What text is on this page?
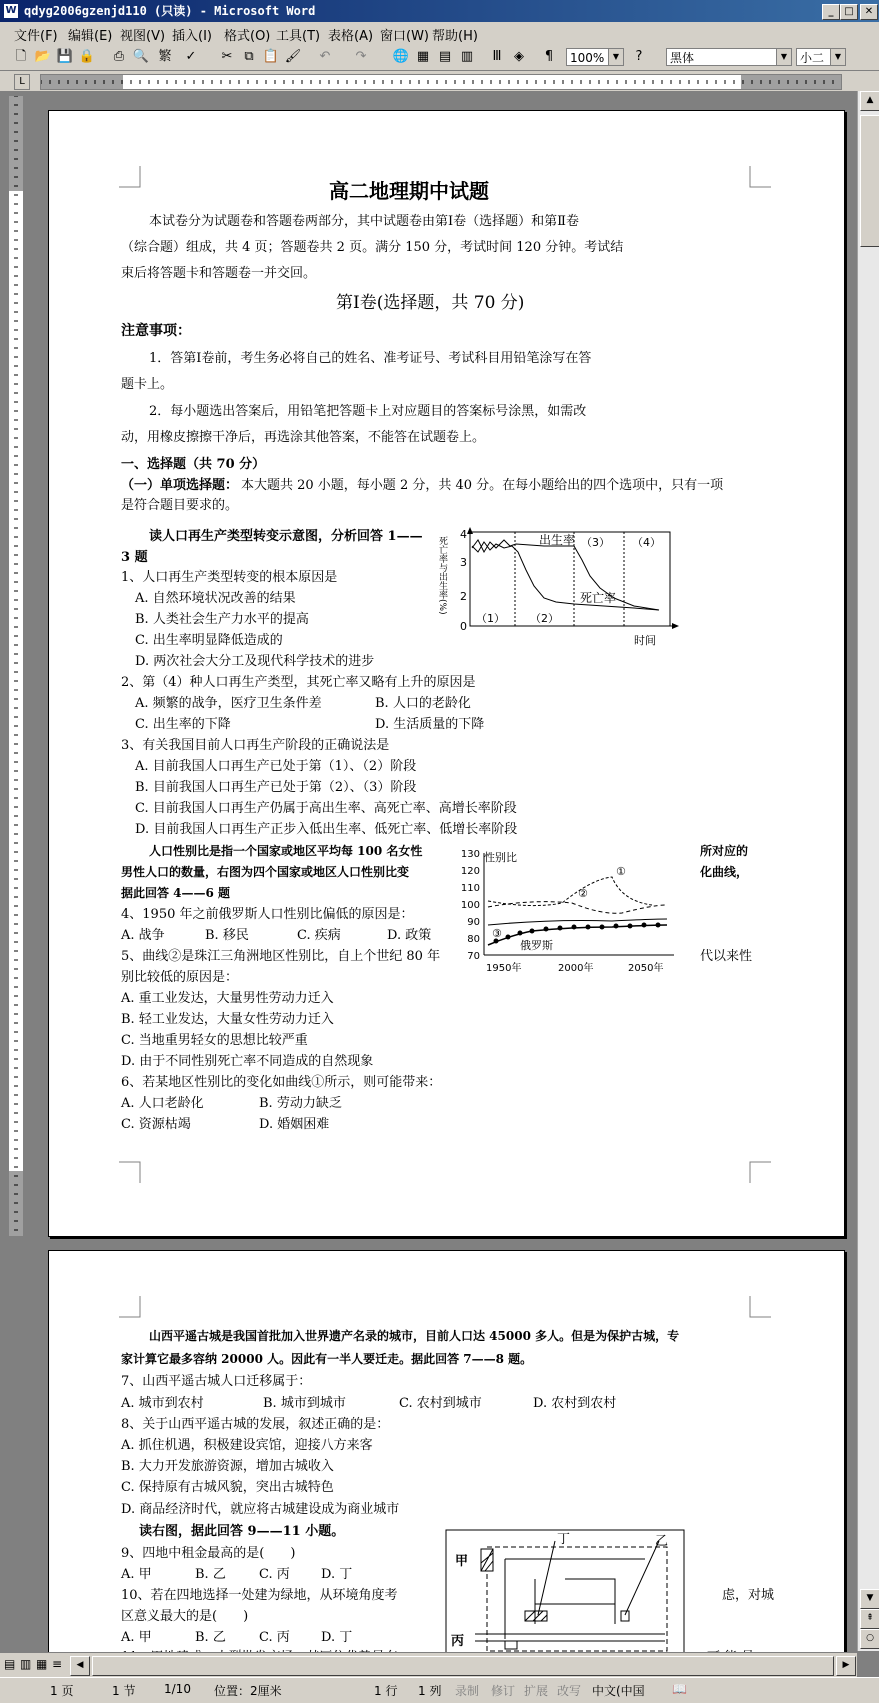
W qdyg2006gzenjd110 (只读) - Microsoft Word	_	□	✕
文件(F) 编辑(E) 视图(V) 插入(I) 格式(O) 工具(T) 表格(A) 窗口(W) 帮助(H)
🗋 📂 💾 🔒 ⎙ 🔍 繁 ✓ ✂ ⧉ 📋 🖌 ↶ ↷ 🌐 ▦ ▤ ▥	Ⅲ ◈	¶	100%	▼	?	黑体	▼	小二	▼
L
高二地理期中试题
本试卷分为试题卷和答题卷两部分，其中试题卷由第Ⅰ卷（选择题）和第Ⅱ卷
（综合题）组成，共 4 页；答题卷共 2 页。满分 150 分，考试时间 120 分钟。考试结
束后将答题卡和答题卷一并交回。
第Ⅰ卷(选择题，共 70 分)
注意事项：
1．答第Ⅰ卷前，考生务必将自己的姓名、准考证号、考试科目用铅笔涂写在答
题卡上。
2．每小题选出答案后，用铅笔把答题卡上对应题目的答案标号涂黑，如需改
动，用橡皮擦擦干净后，再选涂其他答案，不能答在试题卷上。
一、选择题（共 70 分）
（一）单项选择题： 本大题共 20 小题，每小题 2 分，共 40 分。在每小题给出的四个选项中，只有一项
是符合题目要求的。
读人口再生产类型转变示意图，分析回答 1——
3 题
1、人口再生产类型转变的根本原因是
A. 自然环境状况改善的结果
B. 人类社会生产力水平的提高
C. 出生率明显降低造成的
D. 两次社会大分工及现代科学技术的进步
2、第（4）种人口再生产类型，其死亡率又略有上升的原因是
A. 频繁的战争，医疗卫生条件差	B. 人口的老龄化
C. 出生率的下降	D. 生活质量的下降
3、有关我国目前人口再生产阶段的正确说法是
A. 目前我国人口再生产已处于第（1）、（2）阶段
B. 目前我国人口再生产已处于第（2）、（3）阶段
C. 目前我国人口再生产仍属于高出生率、高死亡率、高增长率阶段
D. 目前我国人口再生产正步入低出生率、低死亡率、低增长率阶段
人口性别比是指一个国家或地区平均每 100 名女性	所对应的
男性人口的数量，右图为四个国家或地区人口性别比变	化曲线，
据此回答 4——6 题
4、1950 年之前俄罗斯人口性别比偏低的原因是：
A. 战争	B. 移民	C. 疾病	D. 政策
5、曲线②是珠江三角洲地区性别比，自上个世纪 80 年	代以来性
别比较低的原因是：
A. 重工业发达，大量男性劳动力迁入
B. 轻工业发达，大量女性劳动力迁入
C. 当地重男轻女的思想比较严重
D. 由于不同性别死亡率不同造成的自然现象
6、若某地区性别比的变化如曲线①所示，则可能带来：
A. 人口老龄化	B. 劳动力缺乏
C. 资源枯竭	D. 婚姻困难
死亡率与出生率(%)
4
3
2
0
出生率
死亡率
（1） （2）
（3） （4）
时间
性别比
130
120
110
100
90
80
70
①
②
③
俄罗斯
1950年	2000年	2050年
山西平遥古城是我国首批加入世界遗产名录的城市，目前人口达 45000 多人。但是为保护古城，专
家计算它最多容纳 20000 人。因此有一半人要迁走。据此回答 7——8 题。
7、山西平遥古城人口迁移属于：
A. 城市到农村	B. 城市到城市	C. 农村到城市	D. 农村到农村
8、关于山西平遥古城的发展，叙述正确的是：
A. 抓住机遇，积极建设宾馆，迎接八方来客
B. 大力开发旅游资源，增加古城收入
C. 保持原有古城风貌，突出古城特色
D. 商品经济时代，就应将古城建设成为商业城市
读右图，据此回答 9——11 小题。
9、四地中租金最高的是(　　)
A. 甲	B. 乙	C. 丙 D. 丁
10、若在四地选择一处建为绿地，从环境角度考	虑，对城
区意义最大的是(　　)
A. 甲	B. 乙	C. 丙 D. 丁
甲
乙
丙
丁
▲
▼
⇞
○
▤ ▥ ▦ ≡	◀	▶
1 页	1 节 1/10 位置：2厘米	1 行 1 列 录制 修订 扩展 改写 中文(中国 📖
